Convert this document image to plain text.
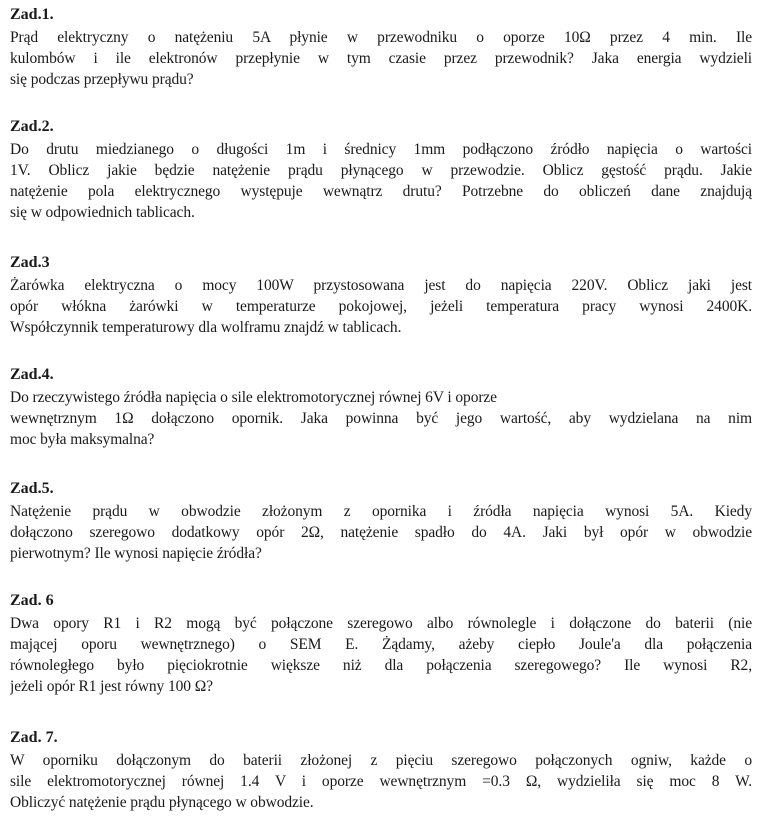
Zad.1.
Prąd elektryczny o natężeniu 5A płynie w przewodniku o oporze 10Ω przez 4 min. Ile
kulombów i ile elektronów przepłynie w tym czasie przez przewodnik? Jaka energia wydzieli
się podczas przepływu prądu?
Zad.2.
Do drutu miedzianego o długości 1m i średnicy 1mm podłączono źródło napięcia o wartości
1V. Oblicz jakie będzie natężenie prądu płynącego w przewodzie. Oblicz gęstość prądu. Jakie
natężenie pola elektrycznego występuje wewnątrz drutu? Potrzebne do obliczeń dane znajdują
się w odpowiednich tablicach.
Zad.3
Żarówka elektryczna o mocy 100W przystosowana jest do napięcia 220V. Oblicz jaki jest
opór włókna żarówki w temperaturze pokojowej, jeżeli temperatura pracy wynosi 2400K.
Współczynnik temperaturowy dla wolframu znajdź w tablicach.
Zad.4.
Do rzeczywistego źródła napięcia o sile elektromotorycznej równej 6V i oporze
wewnętrznym 1Ω dołączono opornik. Jaka powinna być jego wartość, aby wydzielana na nim
moc była maksymalna?
Zad.5.
Natężenie prądu w obwodzie złożonym z opornika i źródła napięcia wynosi 5A. Kiedy
dołączono szeregowo dodatkowy opór 2Ω, natężenie spadło do 4A. Jaki był opór w obwodzie
pierwotnym? Ile wynosi napięcie źródła?
Zad. 6
Dwa opory R1 i R2 mogą być połączone szeregowo albo równolegle i dołączone do baterii (nie
mającej oporu wewnętrznego) o SEM E. Żądamy, ażeby ciepło Joule'a dla połączenia
równoległego było pięciokrotnie większe niż dla połączenia szeregowego? Ile wynosi R2,
jeżeli opór R1 jest równy 100 Ω?
Zad. 7.
W oporniku dołączonym do baterii złożonej z pięciu szeregowo połączonych ogniw, każde o
sile elektromotorycznej równej 1.4 V i oporze wewnętrznym =0.3 Ω, wydzieliła się moc 8 W.
Obliczyć natężenie prądu płynącego w obwodzie.
